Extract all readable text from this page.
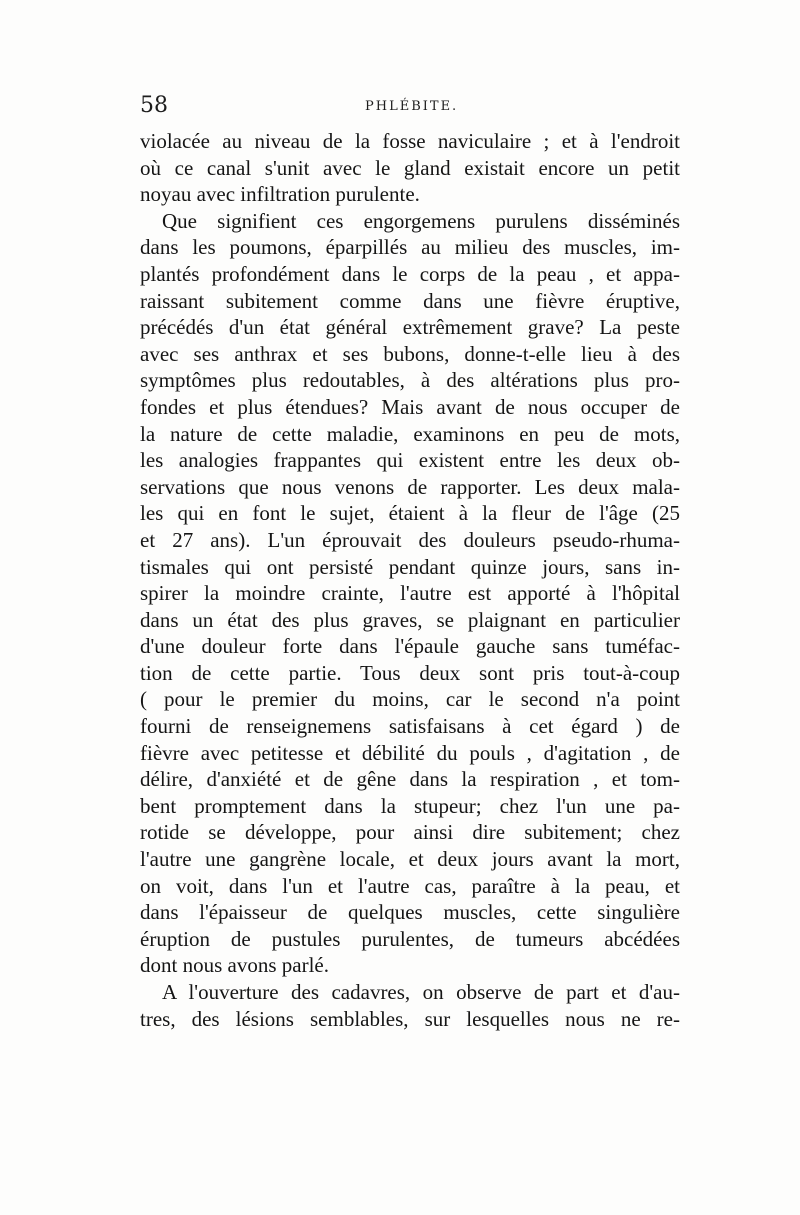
58	PHLÉBITE.
violacée au niveau de la fosse naviculaire ; et à l'endroit
où ce canal s'unit avec le gland existait encore un petit
noyau avec infiltration purulente.
Que signifient ces engorgemens purulens disséminés
dans les poumons, éparpillés au milieu des muscles, im-
plantés profondément dans le corps de la peau , et appa-
raissant subitement comme dans une fièvre éruptive,
précédés d'un état général extrêmement grave? La peste
avec ses anthrax et ses bubons, donne-t-elle lieu à des
symptômes plus redoutables, à des altérations plus pro-
fondes et plus étendues? Mais avant de nous occuper de
la nature de cette maladie, examinons en peu de mots,
les analogies frappantes qui existent entre les deux ob-
servations que nous venons de rapporter. Les deux mala-
les qui en font le sujet, étaient à la fleur de l'âge (25
et 27 ans). L'un éprouvait des douleurs pseudo-rhuma-
tismales qui ont persisté pendant quinze jours, sans in-
spirer la moindre crainte, l'autre est apporté à l'hôpital
dans un état des plus graves, se plaignant en particulier
d'une douleur forte dans l'épaule gauche sans tuméfac-
tion de cette partie. Tous deux sont pris tout-à-coup
( pour le premier du moins, car le second n'a point
fourni de renseignemens satisfaisans à cet égard ) de
fièvre avec petitesse et débilité du pouls , d'agitation , de
délire, d'anxiété et de gêne dans la respiration , et tom-
bent promptement dans la stupeur; chez l'un une pa-
rotide se développe, pour ainsi dire subitement; chez
l'autre une gangrène locale, et deux jours avant la mort,
on voit, dans l'un et l'autre cas, paraître à la peau, et
dans l'épaisseur de quelques muscles, cette singulière
éruption de pustules purulentes, de tumeurs abcédées
dont nous avons parlé.
A l'ouverture des cadavres, on observe de part et d'au-
tres, des lésions semblables, sur lesquelles nous ne re-
